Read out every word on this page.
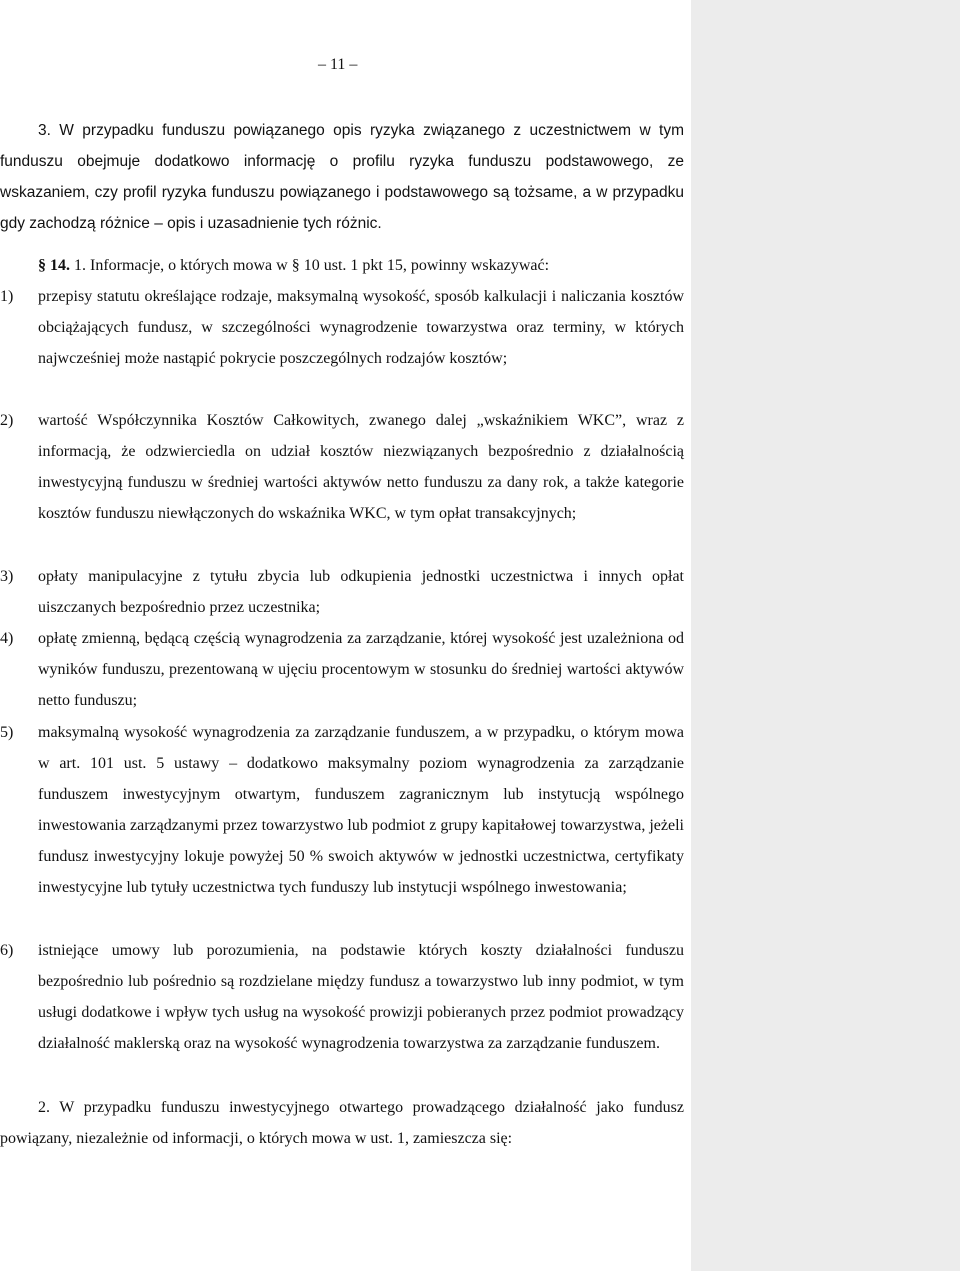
– 11 –
3. W przypadku funduszu powiązanego opis ryzyka związanego z uczestnictwem w tym funduszu obejmuje dodatkowo informację o profilu ryzyka funduszu podstawowego, ze wskazaniem, czy profil ryzyka funduszu powiązanego i podstawowego są tożsame, a w przypadku gdy zachodzą różnice – opis i uzasadnienie tych różnic.
§ 14. 1. Informacje, o których mowa w § 10 ust. 1 pkt 15, powinny wskazywać:
1) przepisy statutu określające rodzaje, maksymalną wysokość, sposób kalkulacji i naliczania kosztów obciążających fundusz, w szczególności wynagrodzenie towarzystwa oraz terminy, w których najwcześniej może nastąpić pokrycie poszczególnych rodzajów kosztów;
2) wartość Współczynnika Kosztów Całkowitych, zwanego dalej „wskaźnikiem WKC”, wraz z informacją, że odzwierciedla on udział kosztów niezwiązanych bezpośrednio z działalnością inwestycyjną funduszu w średniej wartości aktywów netto funduszu za dany rok, a także kategorie kosztów funduszu niewłączonych do wskaźnika WKC, w tym opłat transakcyjnych;
3) opłaty manipulacyjne z tytułu zbycia lub odkupienia jednostki uczestnictwa i innych opłat uiszczanych bezpośrednio przez uczestnika;
4) opłatę zmienną, będącą częścią wynagrodzenia za zarządzanie, której wysokość jest uzależniona od wyników funduszu, prezentowaną w ujęciu procentowym w stosunku do średniej wartości aktywów netto funduszu;
5) maksymalną wysokość wynagrodzenia za zarządzanie funduszem, a w przypadku, o którym mowa w art. 101 ust. 5 ustawy – dodatkowo maksymalny poziom wynagrodzenia za zarządzanie funduszem inwestycyjnym otwartym, funduszem zagranicznym lub instytucją wspólnego inwestowania zarządzanymi przez towarzystwo lub podmiot z grupy kapitałowej towarzystwa, jeżeli fundusz inwestycyjny lokuje powyżej 50 % swoich aktywów w jednostki uczestnictwa, certyfikaty inwestycyjne lub tytuły uczestnictwa tych funduszy lub instytucji wspólnego inwestowania;
6) istniejące umowy lub porozumienia, na podstawie których koszty działalności funduszu bezpośrednio lub pośrednio są rozdzielane między fundusz a towarzystwo lub inny podmiot, w tym usługi dodatkowe i wpływ tych usług na wysokość prowizji pobieranych przez podmiot prowadzący działalność maklerską oraz na wysokość wynagrodzenia towarzystwa za zarządzanie funduszem.
2. W przypadku funduszu inwestycyjnego otwartego prowadzącego działalność jako fundusz powiązany, niezależnie od informacji, o których mowa w ust. 1, zamieszcza się:
